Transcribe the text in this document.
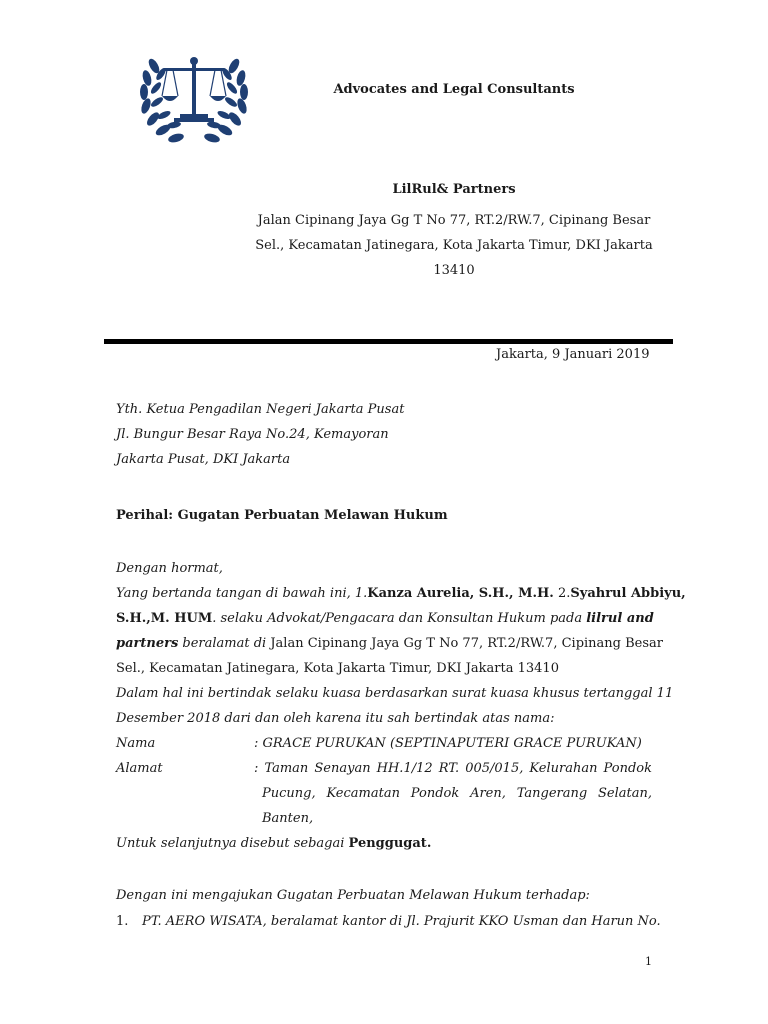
Advocates and Legal Consultants
LilRul& Partners
Jalan Cipinang Jaya Gg T No 77, RT.2/RW.7, Cipinang Besar
Sel., Kecamatan Jatinegara, Kota Jakarta Timur, DKI Jakarta
13410
Jakarta, 9 Januari 2019
Yth. Ketua Pengadilan Negeri Jakarta Pusat
Jl. Bungur Besar Raya No.24, Kemayoran
Jakarta Pusat, DKI Jakarta
Perihal: Gugatan Perbuatan Melawan Hukum
Dengan hormat,
Yang bertanda tangan di bawah ini, 1.Kanza Aurelia, S.H., M.H. 2.Syahrul Abbiyu,
S.H.,M. HUM. selaku Advokat/Pengacara dan Konsultan Hukum pada lilrul and
partners beralamat di Jalan Cipinang Jaya Gg T No 77, RT.2/RW.7, Cipinang Besar
Sel., Kecamatan Jatinegara, Kota Jakarta Timur, DKI Jakarta 13410
Dalam hal ini bertindak selaku kuasa berdasarkan surat kuasa khusus tertanggal 11
Desember 2018 dari dan oleh karena itu sah bertindak atas nama:
Nama	: GRACE PURUKAN (SEPTINAPUTERI GRACE PURUKAN)
Alamat	: Taman Senayan HH.1/12 RT. 005/015, Kelurahan Pondok
Pucung, Kecamatan Pondok Aren, Tangerang Selatan,
Banten,
Untuk selanjutnya disebut sebagai Penggugat.
Dengan ini mengajukan Gugatan Perbuatan Melawan Hukum terhadap:
1. PT. AERO WISATA, beralamat kantor di Jl. Prajurit KKO Usman dan Harun No.
1
